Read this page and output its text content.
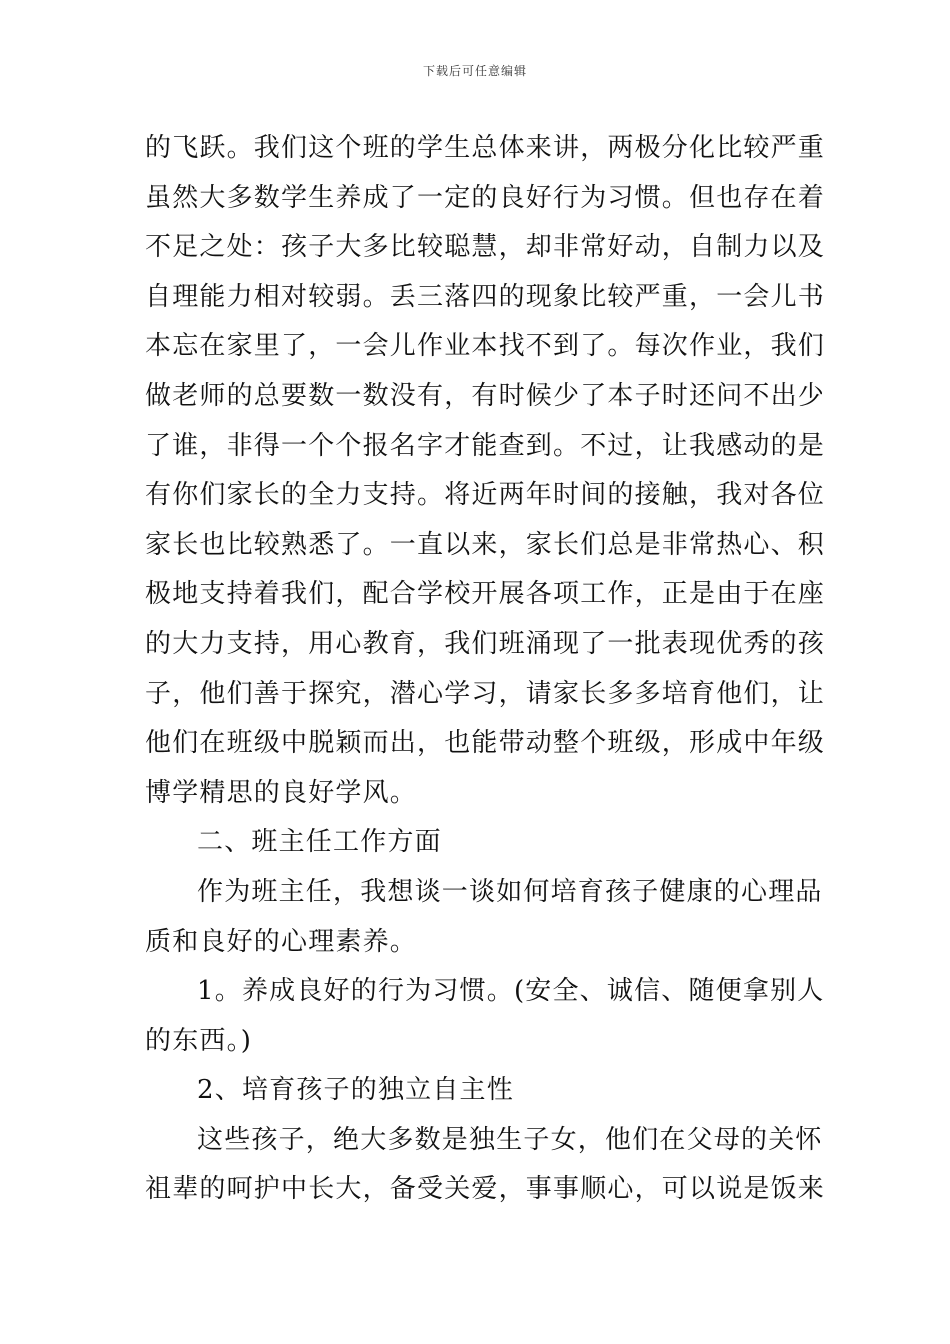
下载后可任意编辑
的飞跃。我们这个班的学生总体来讲，两极分化比较严重
虽然大多数学生养成了一定的良好行为习惯。但也存在着
不足之处：孩子大多比较聪慧，却非常好动，自制力以及
自理能力相对较弱。丢三落四的现象比较严重，一会儿书
本忘在家里了，一会儿作业本找不到了。每次作业，我们
做老师的总要数一数没有，有时候少了本子时还问不出少
了谁，非得一个个报名字才能查到。不过，让我感动的是
有你们家长的全力支持。将近两年时间的接触，我对各位
家长也比较熟悉了。一直以来，家长们总是非常热心、积
极地支持着我们，配合学校开展各项工作，正是由于在座
的大力支持，用心教育，我们班涌现了一批表现优秀的孩
子，他们善于探究，潜心学习，请家长多多培育他们，让
他们在班级中脱颖而出，也能带动整个班级，形成中年级
博学精思的良好学风。
二、班主任工作方面
作为班主任，我想谈一谈如何培育孩子健康的心理品
质和良好的心理素养。
1。养成良好的行为习惯。(安全、诚信、随便拿别人
的东西。)
2、培育孩子的独立自主性
这些孩子，绝大多数是独生子女，他们在父母的关怀
祖辈的呵护中长大，备受关爱，事事顺心，可以说是饭来
